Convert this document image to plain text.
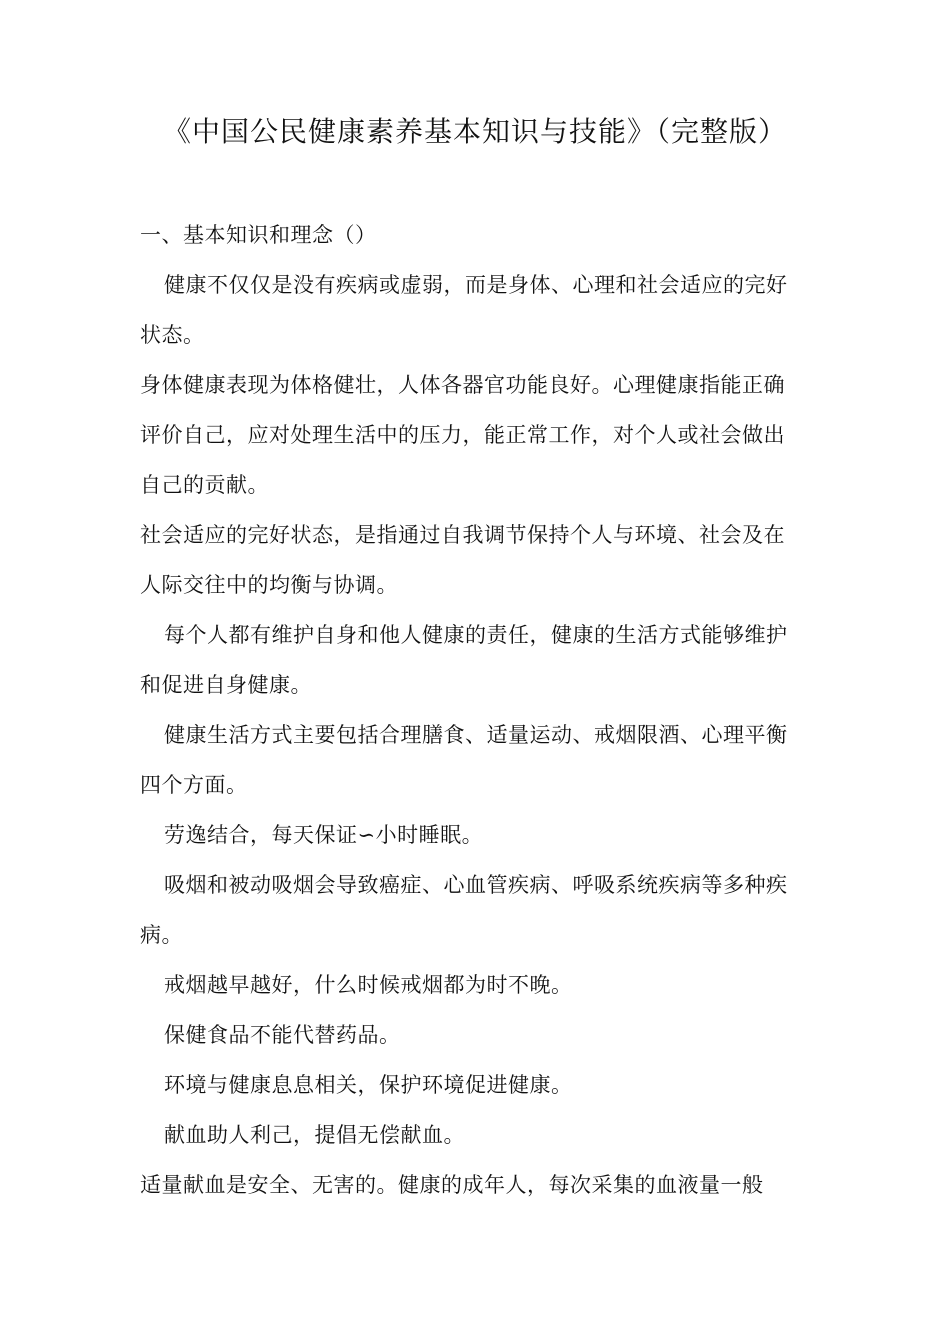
《中国公民健康素养基本知识与技能》（完整版）

一、基本知识和理念（）

健康不仅仅是没有疾病或虚弱，而是身体、心理和社会适应的完好状态。

身体健康表现为体格健壮，人体各器官功能良好。心理健康指能正确评价自己，应对处理生活中的压力，能正常工作，对个人或社会做出自己的贡献。

社会适应的完好状态，是指通过自我调节保持个人与环境、社会及在人际交往中的均衡与协调。

每个人都有维护自身和他人健康的责任，健康的生活方式能够维护和促进自身健康。

健康生活方式主要包括合理膳食、适量运动、戒烟限酒、心理平衡四个方面。

劳逸结合，每天保证∽小时睡眠。

吸烟和被动吸烟会导致癌症、心血管疾病、呼吸系统疾病等多种疾病。

戒烟越早越好，什么时候戒烟都为时不晚。

保健食品不能代替药品。

环境与健康息息相关，保护环境促进健康。

献血助人利己，提倡无偿献血。

适量献血是安全、无害的。健康的成年人，每次采集的血液量一般
